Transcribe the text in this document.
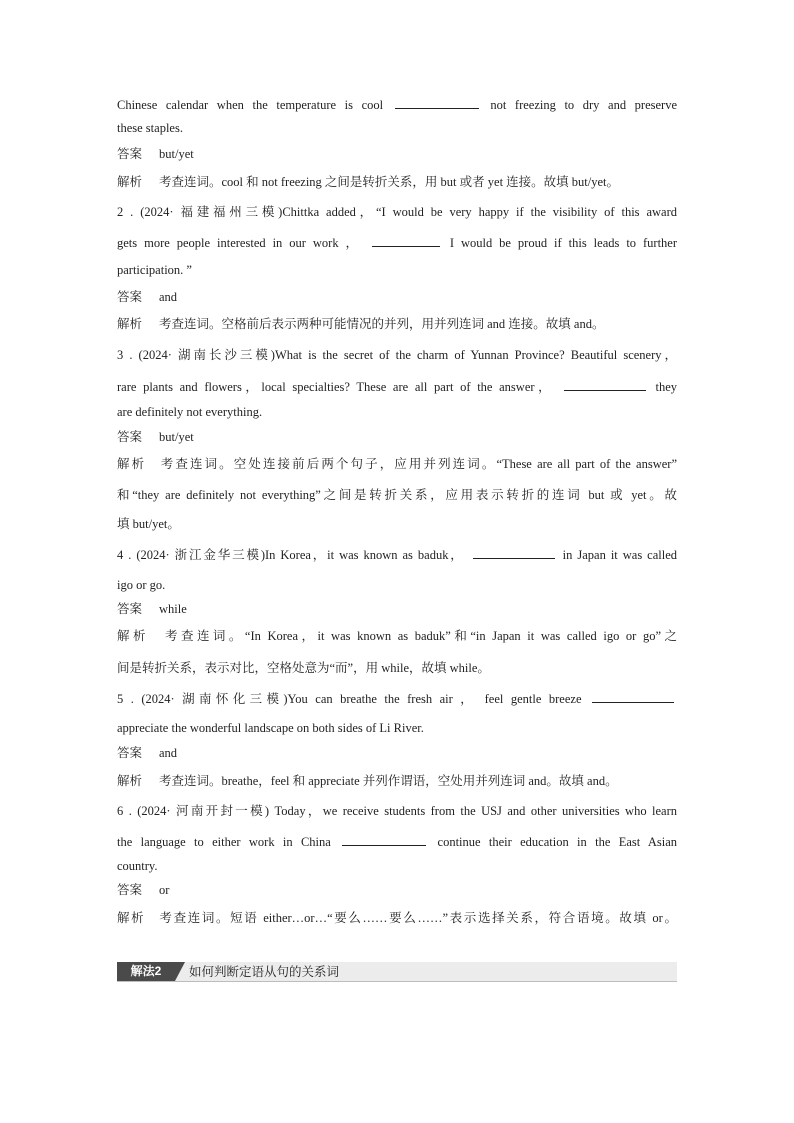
Chinese calendar when the temperature is cool	not freezing to dry and preserve
these staples.
答案 but/yet
解析 考查连词。cool 和 not freezing 之间是转折关系，用 but 或者 yet 连接。故填 but/yet。
2 . (2024· 福建福州三模)Chittka added，“I would be very happy if the visibility of this award
gets more people interested in our work ，	I would be proud if this leads to further
participation. ”
答案 and
解析 考查连词。空格前后表示两种可能情况的并列，用并列连词 and 连接。故填 and。
3 . (2024· 湖南长沙三模)What is the secret of the charm of Yunnan Province? Beautiful scenery，
rare plants and flowers，local specialties? These are all part of the answer，	they
are definitely not everything.
答案 but/yet
解析　考查连词。空处连接前后两个句子，应用并列连词。“These are all part of the answer”
和“they are definitely not everything”之间是转折关系，应用表示转折的连词 but 或 yet。故
填 but/yet。
4 . (2024· 浙江金华三模)In Korea，it was known as baduk，	in Japan it was called
igo or go.
答案 while
解析　考查连词。“In Korea，it was known as baduk”和“in Japan it was called igo or go”之
间是转折关系，表示对比，空格处意为“而”，用 while，故填 while。
5 . (2024· 湖南怀化三模)You can breathe the fresh air ， feel gentle breeze
appreciate the wonderful landscape on both sides of Li River.
答案 and
解析 考查连词。breathe，feel 和 appreciate 并列作谓语，空处用并列连词 and。故填 and。
6 . (2024· 河南开封一模) Today，we receive students from the USJ and other universities who learn
the language to either work in China	continue their education in the East Asian
country.
答案 or
解析　考查连词。短语 either…or…“要么……要么……”表示选择关系，符合语境。故填 or。
解法2	如何判断定语从句的关系词
